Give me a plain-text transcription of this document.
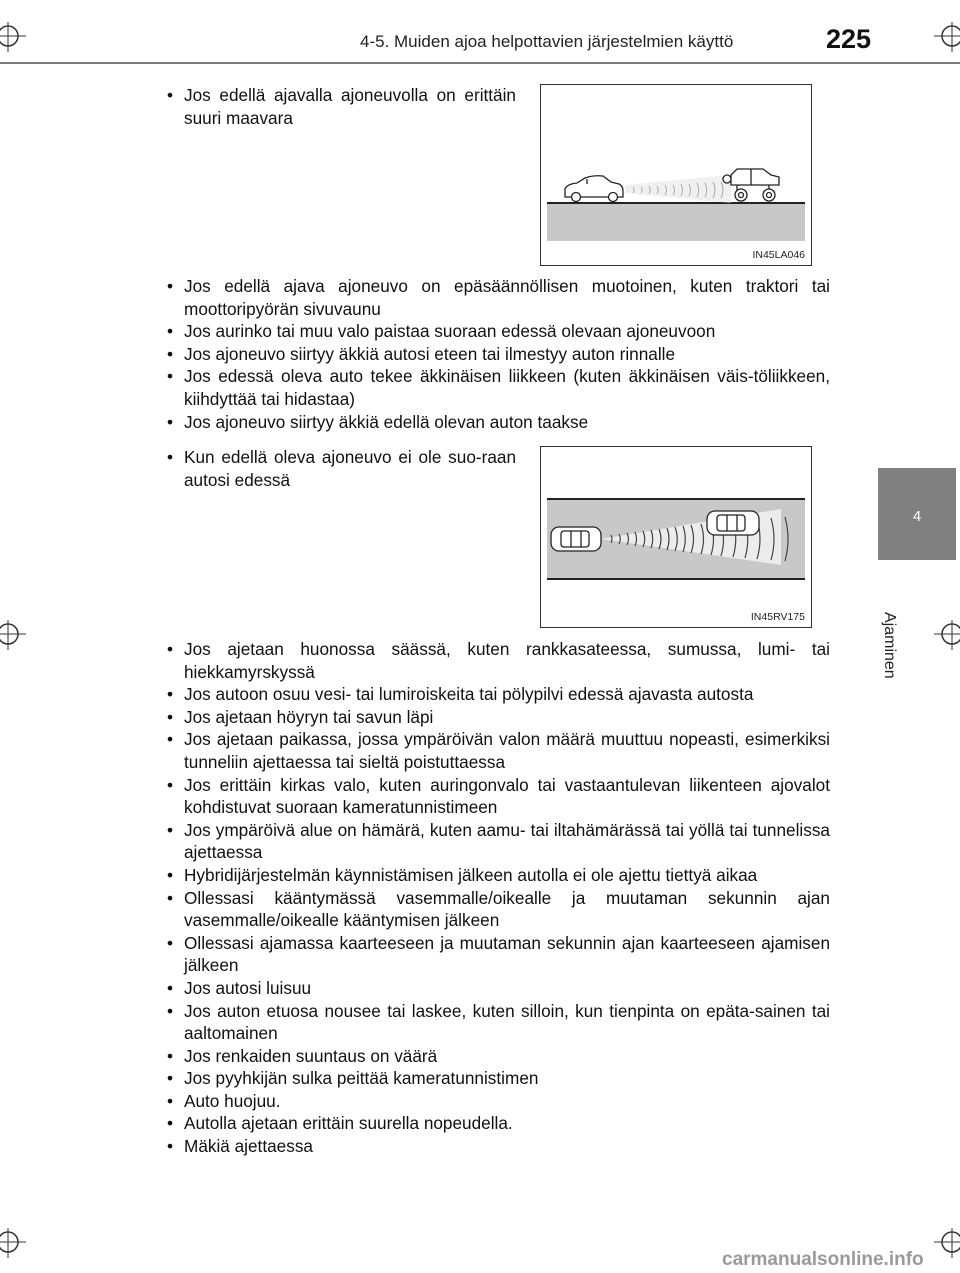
4-5. Muiden ajoa helpottavien järjestelmien käyttö	225
4
Ajaminen
• Jos edellä ajavalla ajoneuvolla on erittäin suuri maavara
IN45LA046
• Jos edellä ajava ajoneuvo on epäsäännöllisen muotoinen, kuten traktori tai moottoripyörän sivuvaunu
• Jos aurinko tai muu valo paistaa suoraan edessä olevaan ajoneuvoon
• Jos ajoneuvo siirtyy äkkiä autosi eteen tai ilmestyy auton rinnalle
• Jos edessä oleva auto tekee äkkinäisen liikkeen (kuten äkkinäisen väis-töliikkeen, kiihdyttää tai hidastaa)
• Jos ajoneuvo siirtyy äkkiä edellä olevan auton taakse
• Kun edellä oleva ajoneuvo ei ole suo-raan autosi edessä
IN45RV175
• Jos ajetaan huonossa säässä, kuten rankkasateessa, sumussa, lumi- tai hiekkamyrskyssä
• Jos autoon osuu vesi- tai lumiroiskeita tai pölypilvi edessä ajavasta autosta
• Jos ajetaan höyryn tai savun läpi
• Jos ajetaan paikassa, jossa ympäröivän valon määrä muuttuu nopeasti, esimerkiksi tunneliin ajettaessa tai sieltä poistuttaessa
• Jos erittäin kirkas valo, kuten auringonvalo tai vastaantulevan liikenteen ajovalot kohdistuvat suoraan kameratunnistimeen
• Jos ympäröivä alue on hämärä, kuten aamu- tai iltahämärässä tai yöllä tai tunnelissa ajettaessa
• Hybridijärjestelmän käynnistämisen jälkeen autolla ei ole ajettu tiettyä aikaa
• Ollessasi kääntymässä vasemmalle/oikealle ja muutaman sekunnin ajan vasemmalle/oikealle kääntymisen jälkeen
• Ollessasi ajamassa kaarteeseen ja muutaman sekunnin ajan kaarteeseen ajamisen jälkeen
• Jos autosi luisuu
• Jos auton etuosa nousee tai laskee, kuten silloin, kun tienpinta on epäta-sainen tai aaltomainen
• Jos renkaiden suuntaus on väärä
• Jos pyyhkijän sulka peittää kameratunnistimen
• Auto huojuu.
• Autolla ajetaan erittäin suurella nopeudella.
• Mäkiä ajettaessa
carmanualsonline.info
